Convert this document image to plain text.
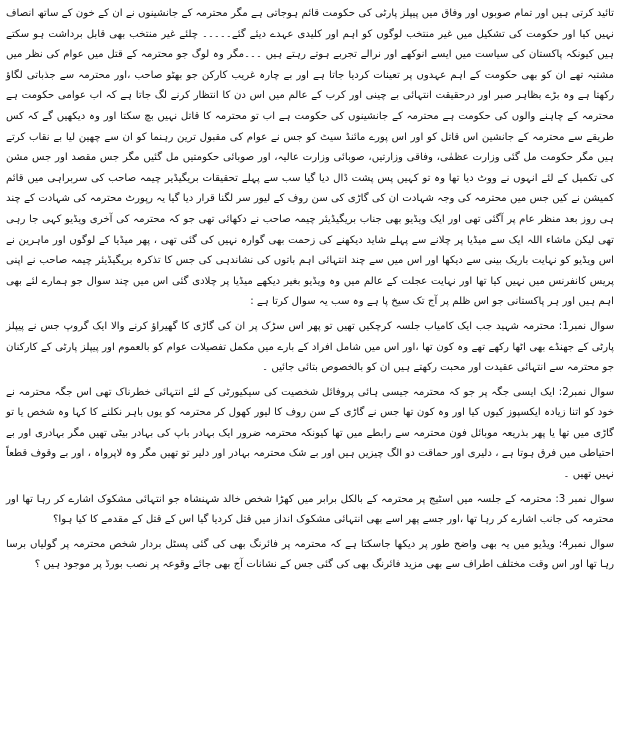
تائید کرتی ہیں اور تمام صوبوں اور وفاق میں پیپلز پارٹی کی حکومت قائم ہوجاتی ہے مگر محترمہ کے جانشینوں نے ان کے خون کے ساتھ انصاف نہیں کیا اور حکومت کی تشکیل میں غیر منتخب لوگوں کو اہم اور کلیدی عہدے دیئے گئے۔۔۔۔۔ چلئے غیر منتخب بھی قابل برداشت ہو سکتے ہیں کیونکہ پاکستان کی سیاست میں ایسے انوکھے اور نرالے تجربے ہوتے رہتے ہیں ۔۔۔مگر وہ لوگ جو محترمہ کے قتل میں عوام کی نظر میں مشتبہ تھے ان کو بھی حکومت کے اہم عہدوں پر تعینات کردیا جاتا ہے اور بے چارہ غریب کارکن جو بھٹو صاحب ،اور محترمہ سے جذباتی لگاؤ رکھتا ہے وہ بڑے بظاہر صبر اور درحقیقت انتہائی بے چینی اور کرب کے عالم میں اس دن کا انتظار کرنے لگ جاتا ہے کہ اب عوامی حکومت ہے محترمہ کے چاہنے والوں کی حکومت ہے محترمہ کے جانشینوں کی حکومت ہے اب تو محترمہ کا قاتل نہیں بچ سکتا اور وہ دیکھیں گے کہ کس طریقے سے محترمہ کے جانشین اس قاتل کو اور اس پورے مائنڈ سیٹ کو جس نے عوام کی مقبول ترین رہنما کو ان سے چھین لیا بے نقاب کرتے ہیں مگر حکومت مل گئی وزارت عظمٰی، وفاقی وزارتیں، صوبائی وزارت عالیہ، اور صوبائی حکومتیں مل گئیں مگر جس مقصد اور جس مشن کی تکمیل کے لئے انہوں نے ووٹ دیا تھا وہ تو کہیں پس پشت ڈال دیا گیا سب سے پہلے تحقیقات بریگیڈیر چیمہ صاحب کی سربراہی میں قائم کمیشن نے کیں جس میں محترمہ کی وجہ شہادت ان کی گاڑی کی سن روف کے لیور سر لگنا قرار دیا گیا یہ رپورٹ محترمہ کی شہادت کے چند ہی روز بعد منظر عام پر آگئی تھی اور ایک ویڈیو بھی جناب بریگیڈیئر چیمہ صاحب نے دکھائی تھی جو کہ محترمہ کی آخری ویڈیو کہی جا رہی تھی لیکن ماشاء اللہ ایک سے میڈیا پر چلانے سے پہلے شاید دیکھنے کی زحمت بھی گوارہ نہیں کی گئی تھی ، پھر میڈیا کے لوگوں اور ماہرین نے اس ویڈیو کو نہایت باریک بینی سے دیکھا اور اس میں سے چند انتہائی اہم باتوں کی نشاندہی کی جس کا تذکرہ بریگیڈیئر چیمہ صاحب نے اپنی پریس کانفرنس میں نہیں کیا تھا اور نہایت عجلت کے عالم میں وہ ویڈیو بغیر دیکھے میڈیا پر چلادی گئی اس میں چند سوال جو ہمارے لئے بھی اہم ہیں اور ہر پاکستانی جو اس ظلم پر آج تک سیخ پا ہے وہ سب یہ سوال کرتا ہے :

سوال نمبر1: محترمہ شہید جب ایک کامیاب جلسہ کرچکیں تھیں تو پھر اس سڑک پر ان کی گاڑی کا گھیراؤ کرنے والا ایک گروپ جس نے پیپلز پارٹی کے جھنڈے بھی اٹھا رکھے تھے وہ کون تھا ،اور اس میں شامل افراد کے بارے میں مکمل تفصیلات عوام کو بالعموم اور پیپلز پارٹی کے کارکنان جو محترمہ سے انتہائی عقیدت اور محبت رکھتے ہیں ان کو بالخصوص بتائی جائیں ۔

سوال نمبر2: ایک ایسی جگہ پر جو کہ محترمہ جیسی ہائی پروفائل شخصیت کی سیکیورٹی کے لئے انتہائی خطرناک تھی اس جگہ محترمہ نے خود کو اتنا زیادہ ایکسپوز کیوں کیا اور وہ کون تھا جس نے گاڑی کے سن روف کا لیور کھول کر محترمہ کو یوں باہر نکلنے کا کہا وہ شخص یا تو گاڑی میں تھا یا پھر بذریعہ موبائل فون محترمہ سے رابطے میں تھا کیونکہ محترمہ ضرور ایک بہادر باپ کی بہادر بیٹی تھیں مگر بہادری اور بے احتیاطی میں فرق ہوتا ہے ، دلیری اور حماقت دو الگ چیزیں ہیں اور بے شک محترمہ بہادر اور دلیر تو تھیں مگر وہ لاپرواہ ، اور بے وقوف قطعاً نہیں تھیں ۔

سوال نمبر 3: محترمہ کے جلسہ میں اسٹیج پر محترمہ کے بالکل برابر میں کھڑا شخص خالد شہنشاہ جو انتہائی مشکوک اشارے کر رہا تھا اور محترمہ کی جانب اشارے کر رہا تھا ،اور جسے پھر اسے بھی انتہائی مشکوک انداز میں قتل کردیا گیا اس کے قتل کے مقدمے کا کیا ہوا؟

سوال نمبر4: ویڈیو میں یہ بھی واضح طور پر دیکھا جاسکتا ہے کہ محترمہ پر فائرنگ بھی کی گئی پسٹل بردار شخص محترمہ پر گولیاں برسا رہا تھا اور اس وقت مختلف اطراف سے بھی مزید فائرنگ بھی کی گئی جس کے نشانات آج بھی جائے وقوعہ پر نصب بورڈ پر موجود ہیں ؟
